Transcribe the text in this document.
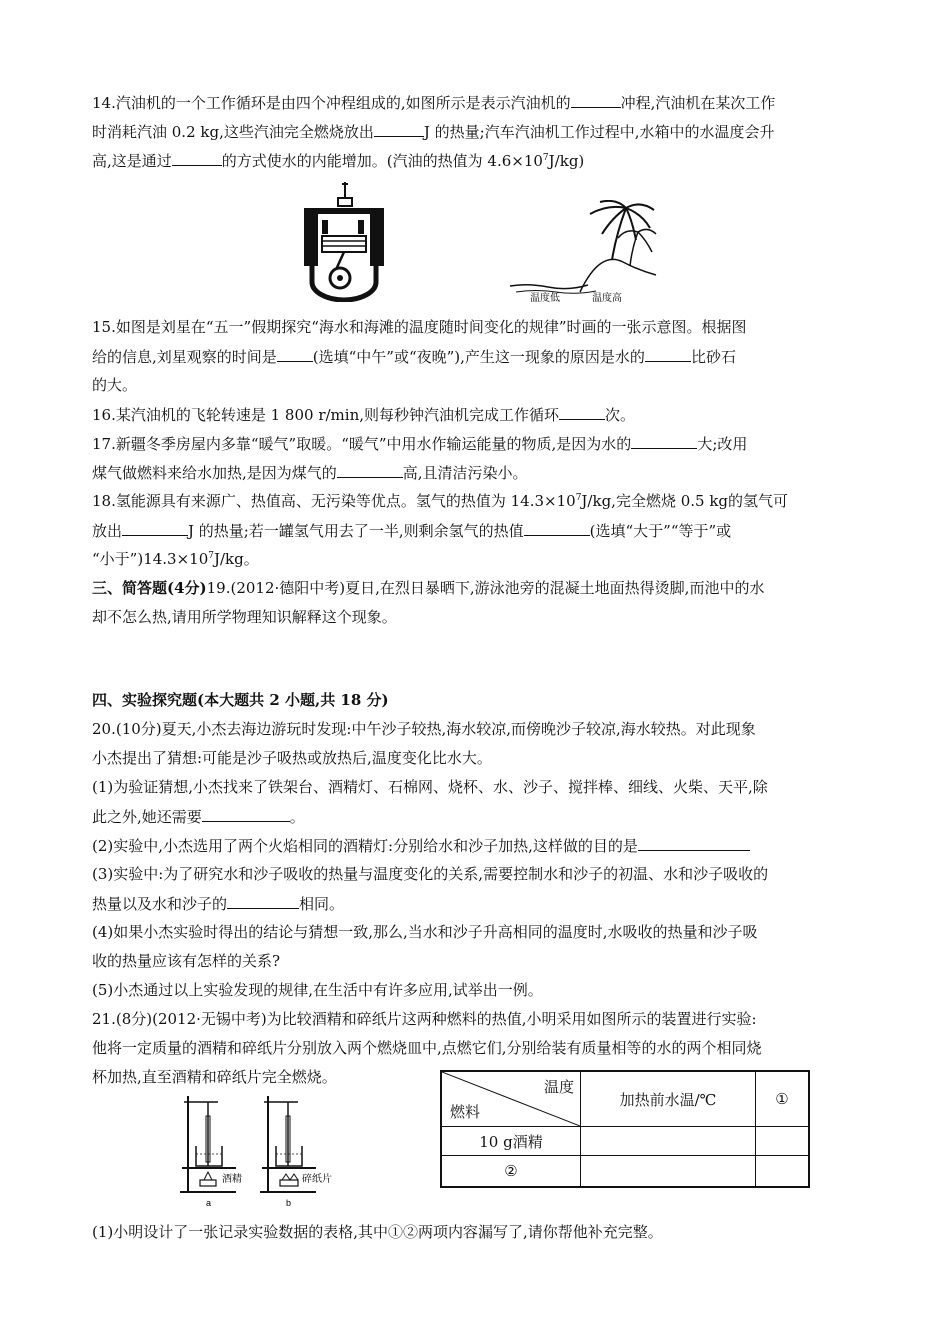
14.汽油机的一个工作循环是由四个冲程组成的,如图所示是表示汽油机的	冲程,汽油机在某次工作
时消耗汽油 0.2 kg,这些汽油完全燃烧放出	J 的热量;汽车汽油机工作过程中,水箱中的水温度会升
高,这是通过	的方式使水的内能增加。(汽油的热值为 $4.6\times 10^7J/kg$)
温度低	温度高
15.如图是刘星在“五一”假期探究“海水和海滩的温度随时间变化的规律”时画的一张示意图。根据图
给的信息,刘星观察的时间是 (选填“中午”或“夜晚”),产生这一现象的原因是水的	比砂石
的大。
16.某汽油机的飞轮转速是 1 800 r/min,则每秒钟汽油机完成工作循环	次。
17.新疆冬季房屋内多靠“暖气”取暖。“暖气”中用水作输运能量的物质,是因为水的	大;改用
煤气做燃料来给水加热,是因为煤气的	高,且清洁污染小。
18.氢能源具有来源广、热值高、无污染等优点。氢气的热值为 $14.3\times 10^7J/kg$,完全燃烧 0.5 kg的氢气可
放出	J 的热量;若一罐氢气用去了一半,则剩余氢气的热值	(选填“大于”“等于”或
“小于$”)14.3\times 10^7J/kg$。
三、简答题(4分)19.(2012·德阳中考)夏日,在烈日暴晒下,游泳池旁的混凝土地面热得烫脚,而池中的水
却不怎么热,请用所学物理知识解释这个现象。
四、实验探究题(本大题共 2 小题,共 18 分)
20.(10分)夏天,小杰去海边游玩时发现:中午沙子较热,海水较凉,而傍晚沙子较凉,海水较热。对此现象
小杰提出了猜想:可能是沙子吸热或放热后,温度变化比水大。
(1)为验证猜想,小杰找来了铁架台、酒精灯、石棉网、烧杯、水、沙子、搅拌棒、细线、火柴、天平,除
此之外,她还需要	。
(2)实验中,小杰选用了两个火焰相同的酒精灯:分别给水和沙子加热,这样做的目的是
(3)实验中:为了研究水和沙子吸收的热量与温度变化的关系,需要控制水和沙子的初温、水和沙子吸收的
热量以及水和沙子的	相同。
(4)如果小杰实验时得出的结论与猜想一致,那么,当水和沙子升高相同的温度时,水吸收的热量和沙子吸
收的热量应该有怎样的关系?
(5)小杰通过以上实验发现的规律,在生活中有许多应用,试举出一例。
21.(8分)(2012·无锡中考)为比较酒精和碎纸片这两种燃料的热值,小明采用如图所示的装置进行实验:
他将一定质量的酒精和碎纸片分别放入两个燃烧皿中,点燃它们,分别给装有质量相等的水的两个相同烧
杯加热,直至酒精和碎纸片完全燃烧。
酒精
a
碎纸片
b
温度
燃料	加热前水温/℃	①
10 g酒精		
②		
(1)小明设计了一张记录实验数据的表格,其中①②两项内容漏写了,请你帮他补充完整。
